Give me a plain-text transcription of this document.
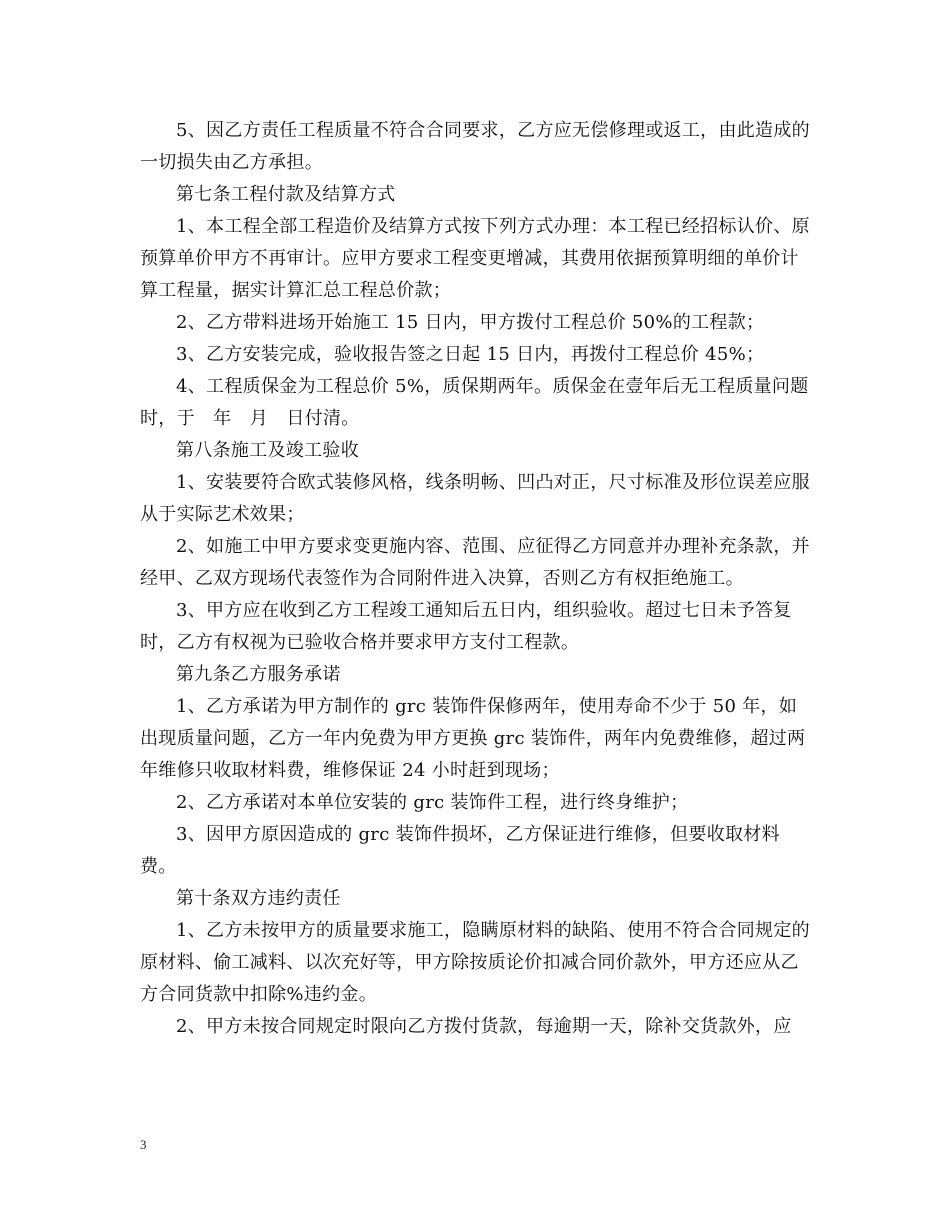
5、因乙方责任工程质量不符合合同要求，乙方应无偿修理或返工，由此造成的一切损失由乙方承担。

第七条工程付款及结算方式

1、本工程全部工程造价及结算方式按下列方式办理：本工程已经招标认价、原预算单价甲方不再审计。应甲方要求工程变更增减，其费用依据预算明细的单价计算工程量，据实计算汇总工程总价款；

2、乙方带料进场开始施工 15 日内，甲方拨付工程总价 50%的工程款；

3、乙方安装完成，验收报告签之日起 15 日内，再拨付工程总价 45%；

4、工程质保金为工程总价 5%，质保期两年。质保金在壹年后无工程质量问题时，于　年　月　日付清。

第八条施工及竣工验收

1、安装要符合欧式装修风格，线条明畅、凹凸对正，尺寸标准及形位误差应服从于实际艺术效果；

2、如施工中甲方要求变更施内容、范围、应征得乙方同意并办理补充条款，并经甲、乙双方现场代表签作为合同附件进入决算，否则乙方有权拒绝施工。

3、甲方应在收到乙方工程竣工通知后五日内，组织验收。超过七日未予答复时，乙方有权视为已验收合格并要求甲方支付工程款。

第九条乙方服务承诺

1、乙方承诺为甲方制作的 grc 装饰件保修两年，使用寿命不少于 50 年，如出现质量问题，乙方一年内免费为甲方更换 grc 装饰件，两年内免费维修，超过两年维修只收取材料费，维修保证 24 小时赶到现场；

2、乙方承诺对本单位安装的 grc 装饰件工程，进行终身维护；

3、因甲方原因造成的 grc 装饰件损坏，乙方保证进行维修，但要收取材料费。

第十条双方违约责任

1、乙方未按甲方的质量要求施工，隐瞒原材料的缺陷、使用不符合合同规定的原材料、偷工减料、以次充好等，甲方除按质论价扣减合同价款外，甲方还应从乙方合同货款中扣除%违约金。

2、甲方未按合同规定时限向乙方拨付货款，每逾期一天，除补交货款外，应

3
